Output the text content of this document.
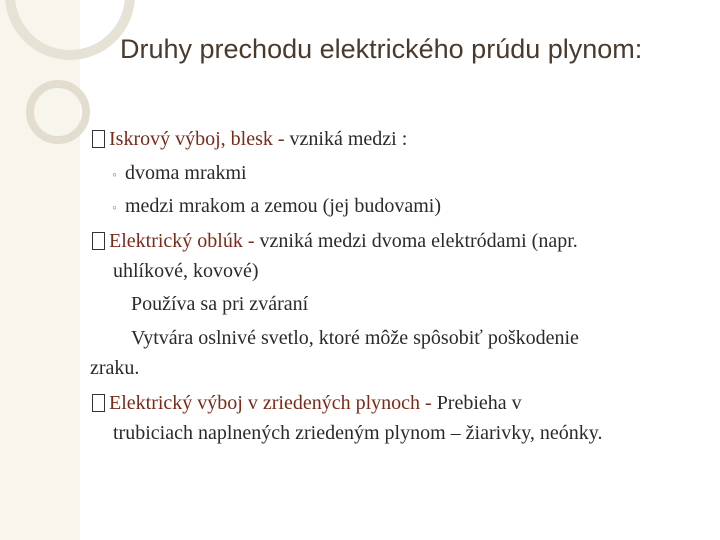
Druhy prechodu elektrického prúdu plynom:
Iskrový výboj, blesk - vzniká medzi :
◦ dvoma mrakmi
◦ medzi mrakom a zemou (jej budovami)
Elektrický oblúk - vzniká medzi dvoma elektródami (napr.
uhlíkové, kovové)
Používa sa pri zváraní
Vytvára oslnivé svetlo, ktoré môže spôsobiť poškodenie
zraku.
Elektrický výboj v zriedených plynoch - Prebieha v
trubiciach naplnených zriedeným plynom – žiarivky, neónky.
